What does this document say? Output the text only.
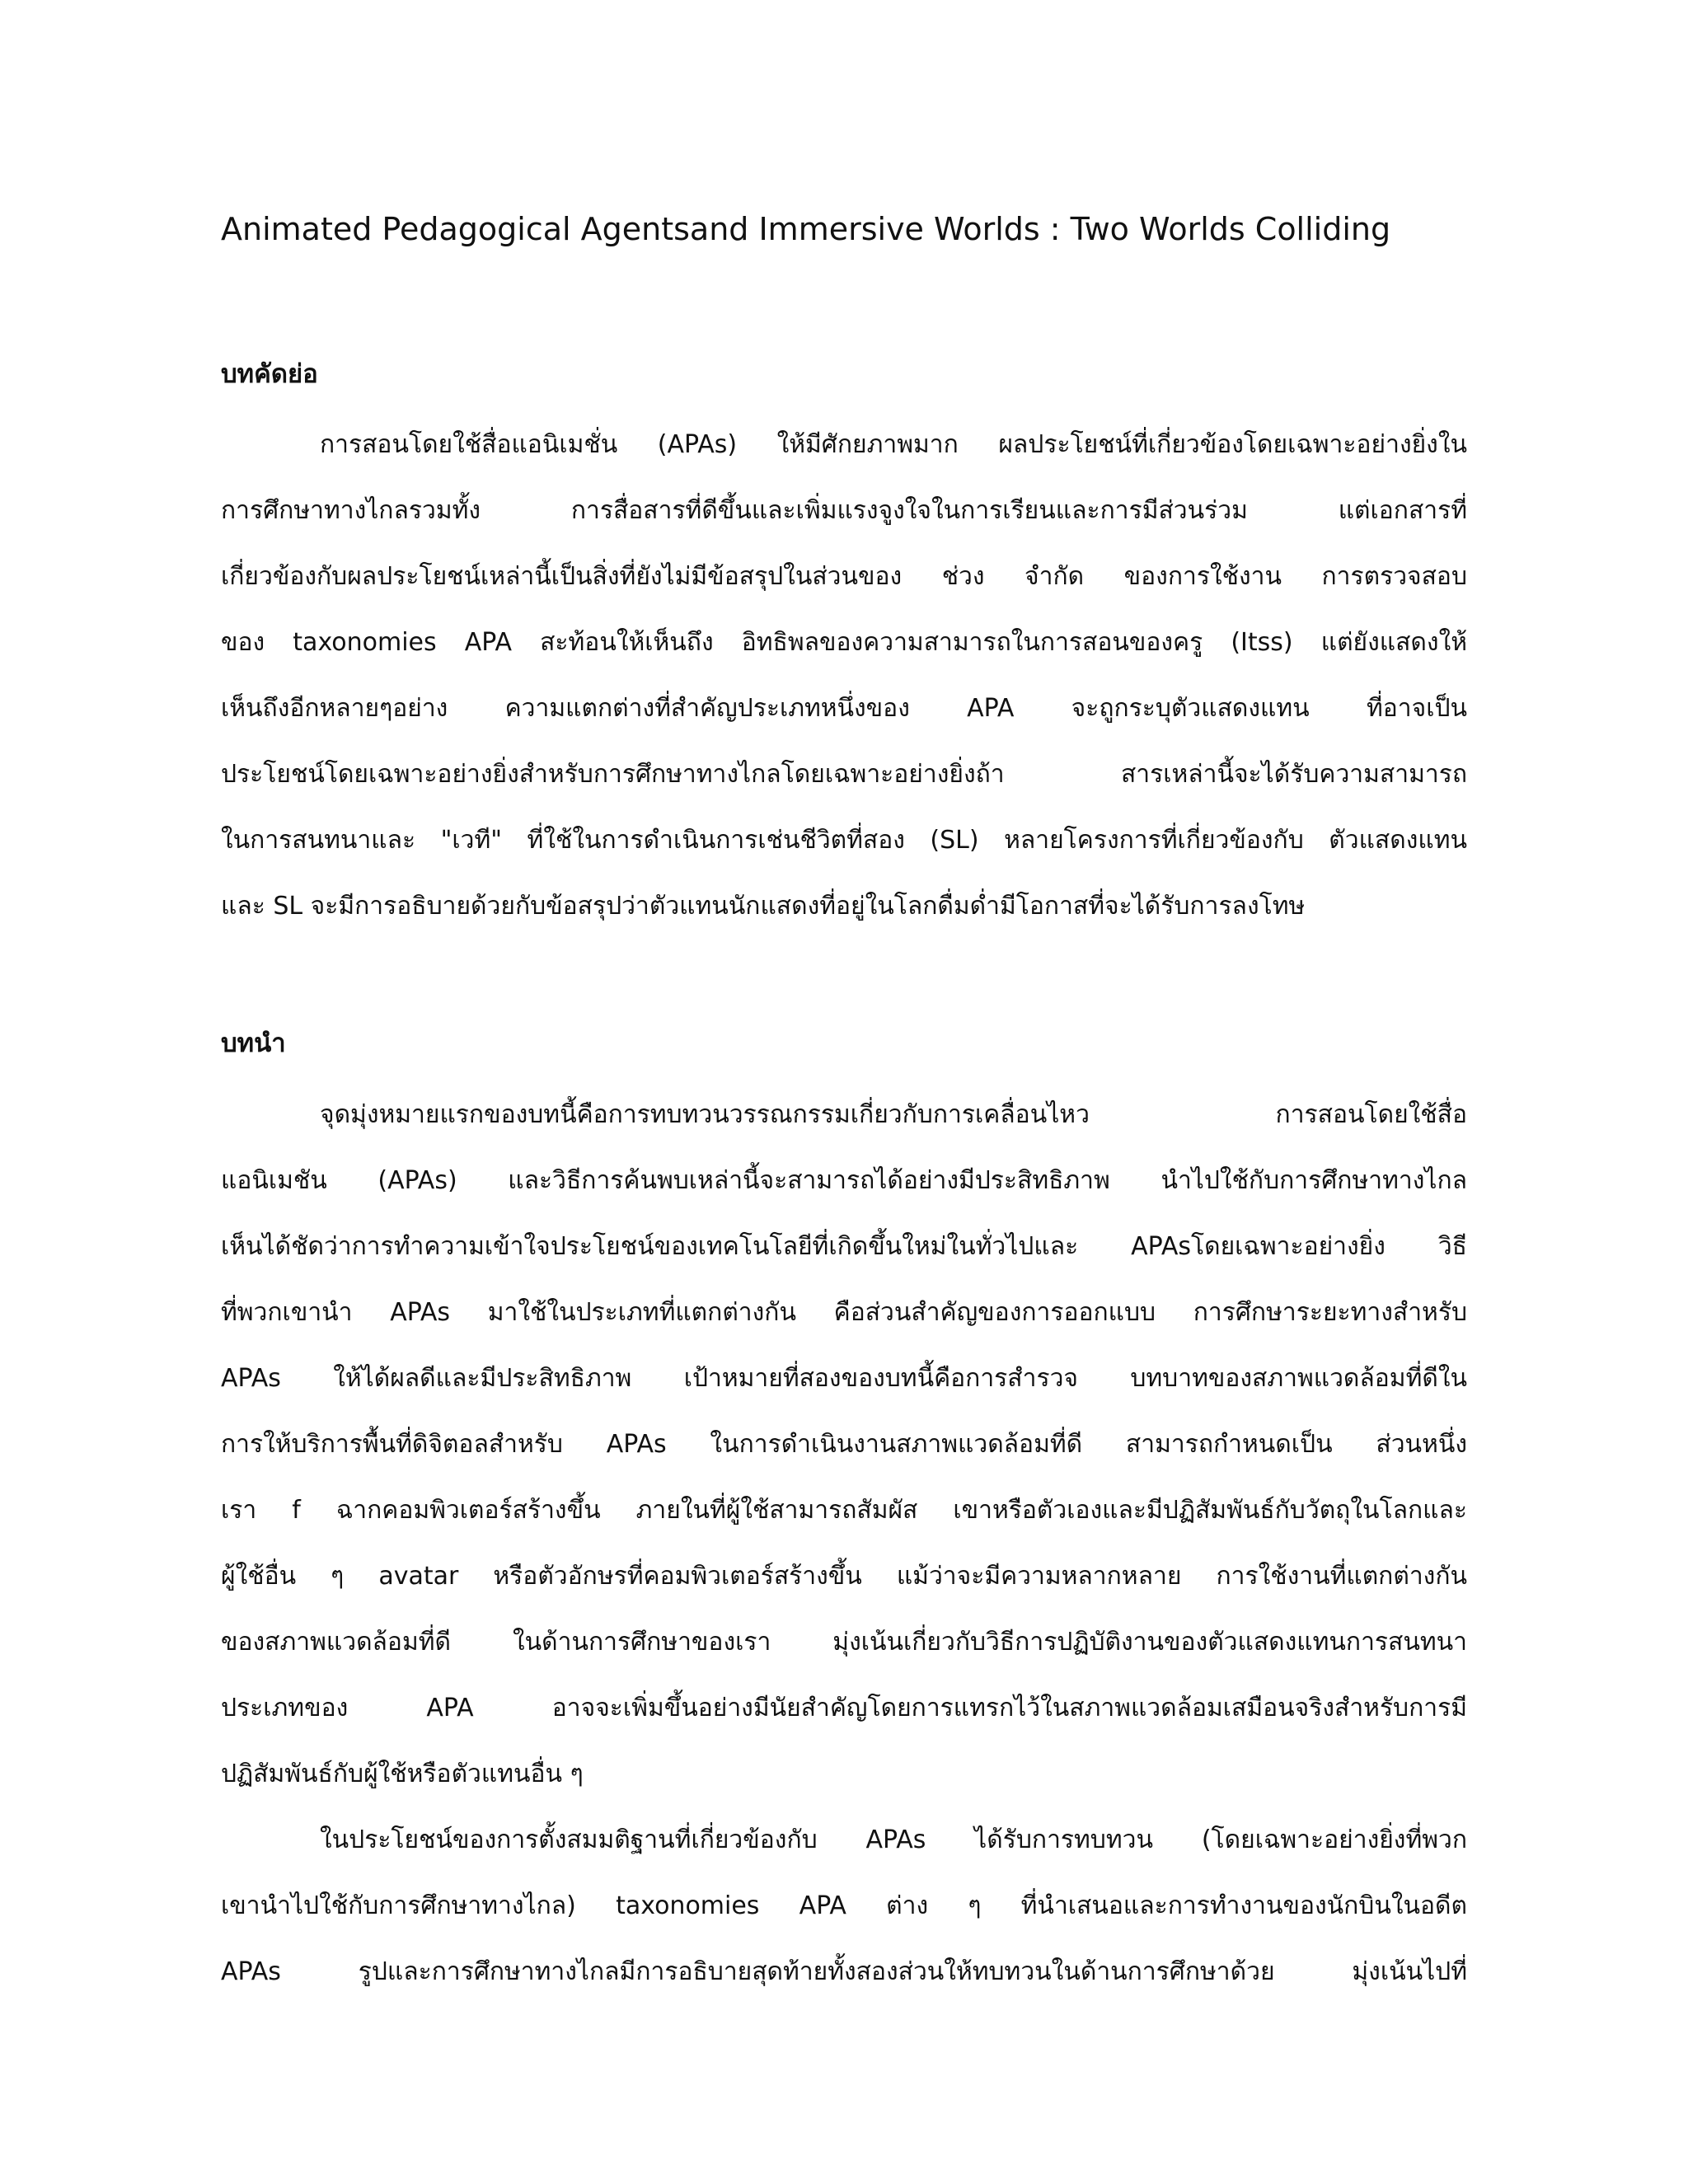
Animated Pedagogical Agentsand Immersive Worlds : Two Worlds Colliding
บทคัดย่อ

การสอนโดยใช้สื่อแอนิเมชั่น (APAs) ให้มีศักยภาพมาก ผลประโยชน์ที่เกี่ยวข้องโดยเฉพาะอย่างยิ่งใน
การศึกษาทางไกลรวมทั้ง การสื่อสารที่ดีขึ้นและเพิ่มแรงจูงใจในการเรียนและการมีส่วนร่วม แต่เอกสารที่
เกี่ยวข้องกับผลประโยชน์เหล่านี้เป็นสิ่งที่ยังไม่มีข้อสรุปในส่วนของ ช่วง จำกัด ของการใช้งาน การตรวจสอบ
ของ taxonomies APA สะท้อนให้เห็นถึง อิทธิพลของความสามารถในการสอนของครู (Itss) แต่ยังแสดงให้
เห็นถึงอีกหลายๆอย่าง ความแตกต่างที่สำคัญประเภทหนึ่งของ APA จะถูกระบุตัวแสดงแทน ที่อาจเป็น
ประโยชน์โดยเฉพาะอย่างยิ่งสำหรับการศึกษาทางไกลโดยเฉพาะอย่างยิ่งถ้า สารเหล่านี้จะได้รับความสามารถ
ในการสนทนาและ "เวที" ที่ใช้ในการดำเนินการเช่นชีวิตที่สอง (SL) หลายโครงการที่เกี่ยวข้องกับ ตัวแสดงแทน
และ SL จะมีการอธิบายด้วยกับข้อสรุปว่าตัวแทนนักแสดงที่อยู่ในโลกดื่มด่ำมีโอกาสที่จะได้รับการลงโทษ

บทนำ

จุดมุ่งหมายแรกของบทนี้คือการทบทวนวรรณกรรมเกี่ยวกับการเคลื่อนไหว การสอนโดยใช้สื่อ
แอนิเมชัน (APAs) และวิธีการค้นพบเหล่านี้จะสามารถได้อย่างมีประสิทธิภาพ นำไปใช้กับการศึกษาทางไกล
เห็นได้ชัดว่าการทำความเข้าใจประโยชน์ของเทคโนโลยีที่เกิดขึ้นใหม่ในทั่วไปและ APAsโดยเฉพาะอย่างยิ่ง วิธี
ที่พวกเขานำ APAs มาใช้ในประเภทที่แตกต่างกัน คือส่วนสำคัญของการออกแบบ การศึกษาระยะทางสำหรับ
APAs ให้ได้ผลดีและมีประสิทธิภาพ เป้าหมายที่สองของบทนี้คือการสำรวจ บทบาทของสภาพแวดล้อมที่ดีใน
การให้บริการพื้นที่ดิจิตอลสำหรับ APAs ในการดำเนินงานสภาพแวดล้อมที่ดี สามารถกำหนดเป็น ส่วนหนึ่ง
เรา f ฉากคอมพิวเตอร์สร้างขึ้น ภายในที่ผู้ใช้สามารถสัมผัส เขาหรือตัวเองและมีปฏิสัมพันธ์กับวัตถุในโลกและ
ผู้ใช้อื่น ๆ avatar หรือตัวอักษรที่คอมพิวเตอร์สร้างขึ้น แม้ว่าจะมีความหลากหลาย การใช้งานที่แตกต่างกัน
ของสภาพแวดล้อมที่ดี ในด้านการศึกษาของเรา มุ่งเน้นเกี่ยวกับวิธีการปฏิบัติงานของตัวแสดงแทนการสนทนา
ประเภทของ APA อาจจะเพิ่มขึ้นอย่างมีนัยสำคัญโดยการแทรกไว้ในสภาพแวดล้อมเสมือนจริงสำหรับการมี
ปฏิสัมพันธ์กับผู้ใช้หรือตัวแทนอื่น ๆ

ในประโยชน์ของการตั้งสมมติฐานที่เกี่ยวข้องกับ APAs ได้รับการทบทวน (โดยเฉพาะอย่างยิ่งที่พวก
เขานำไปใช้กับการศึกษาทางไกล) taxonomies APA ต่าง ๆ ที่นำเสนอและการทำงานของนักบินในอดีต
APAs รูปและการศึกษาทางไกลมีการอธิบายสุดท้ายทั้งสองส่วนให้ทบทวนในด้านการศึกษาด้วย มุ่งเน้นไปที่
